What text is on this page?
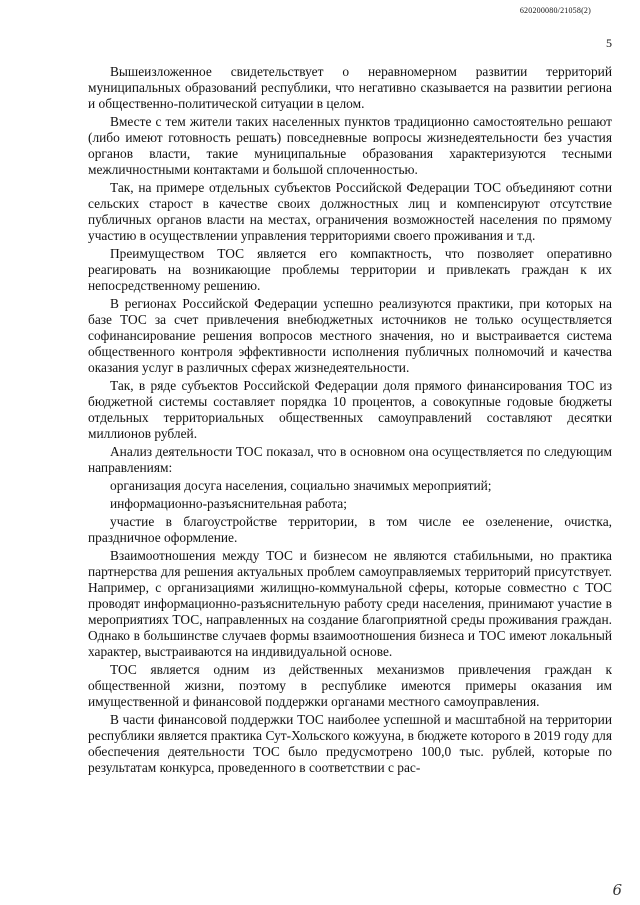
620200080/21058(2)
5

Вышеизложенное свидетельствует о неравномерном развитии территорий муниципальных образований республики, что негативно сказывается на развитии региона и общественно-политической ситуации в целом.

Вместе с тем жители таких населенных пунктов традиционно самостоятельно решают (либо имеют готовность решать) повседневные вопросы жизнедеятельности без участия органов власти, такие муниципальные образования характеризуются тесными межличностными контактами и большой сплоченностью.

Так, на примере отдельных субъектов Российской Федерации ТОС объединяют сотни сельских старост в качестве своих должностных лиц и компенсируют отсутствие публичных органов власти на местах, ограничения возможностей населения по прямому участию в осуществлении управления территориями своего проживания и т.д.

Преимуществом ТОС является его компактность, что позволяет оперативно реагировать на возникающие проблемы территории и привлекать граждан к их непосредственному решению.

В регионах Российской Федерации успешно реализуются практики, при которых на базе ТОС за счет привлечения внебюджетных источников не только осуществляется софинансирование решения вопросов местного значения, но и выстраивается система общественного контроля эффективности исполнения публичных полномочий и качества оказания услуг в различных сферах жизнедеятельности.

Так, в ряде субъектов Российской Федерации доля прямого финансирования ТОС из бюджетной системы составляет порядка 10 процентов, а совокупные годовые бюджеты отдельных территориальных общественных самоуправлений составляют десятки миллионов рублей.

Анализ деятельности ТОС показал, что в основном она осуществляется по следующим направлениям:

организация досуга населения, социально значимых мероприятий;

информационно-разъяснительная работа;

участие в благоустройстве территории, в том числе ее озеленение, очистка, праздничное оформление.

Взаимоотношения между ТОС и бизнесом не являются стабильными, но практика партнерства для решения актуальных проблем самоуправляемых территорий присутствует. Например, с организациями жилищно-коммунальной сферы, которые совместно с ТОС проводят информационно-разъяснительную работу среди населения, принимают участие в мероприятиях ТОС, направленных на создание благоприятной среды проживания граждан. Однако в большинстве случаев формы взаимоотношения бизнеса и ТОС имеют локальный характер, выстраиваются на индивидуальной основе.

ТОС является одним из действенных механизмов привлечения граждан к общественной жизни, поэтому в республике имеются примеры оказания им имущественной и финансовой поддержки органами местного самоуправления.

В части финансовой поддержки ТОС наиболее успешной и масштабной на территории республики является практика Сут-Хольского кожууна, в бюджете которого в 2019 году для обеспечения деятельности ТОС было предусмотрено 100,0 тыс. рублей, которые по результатам конкурса, проведенного в соответствии с рас-

6
